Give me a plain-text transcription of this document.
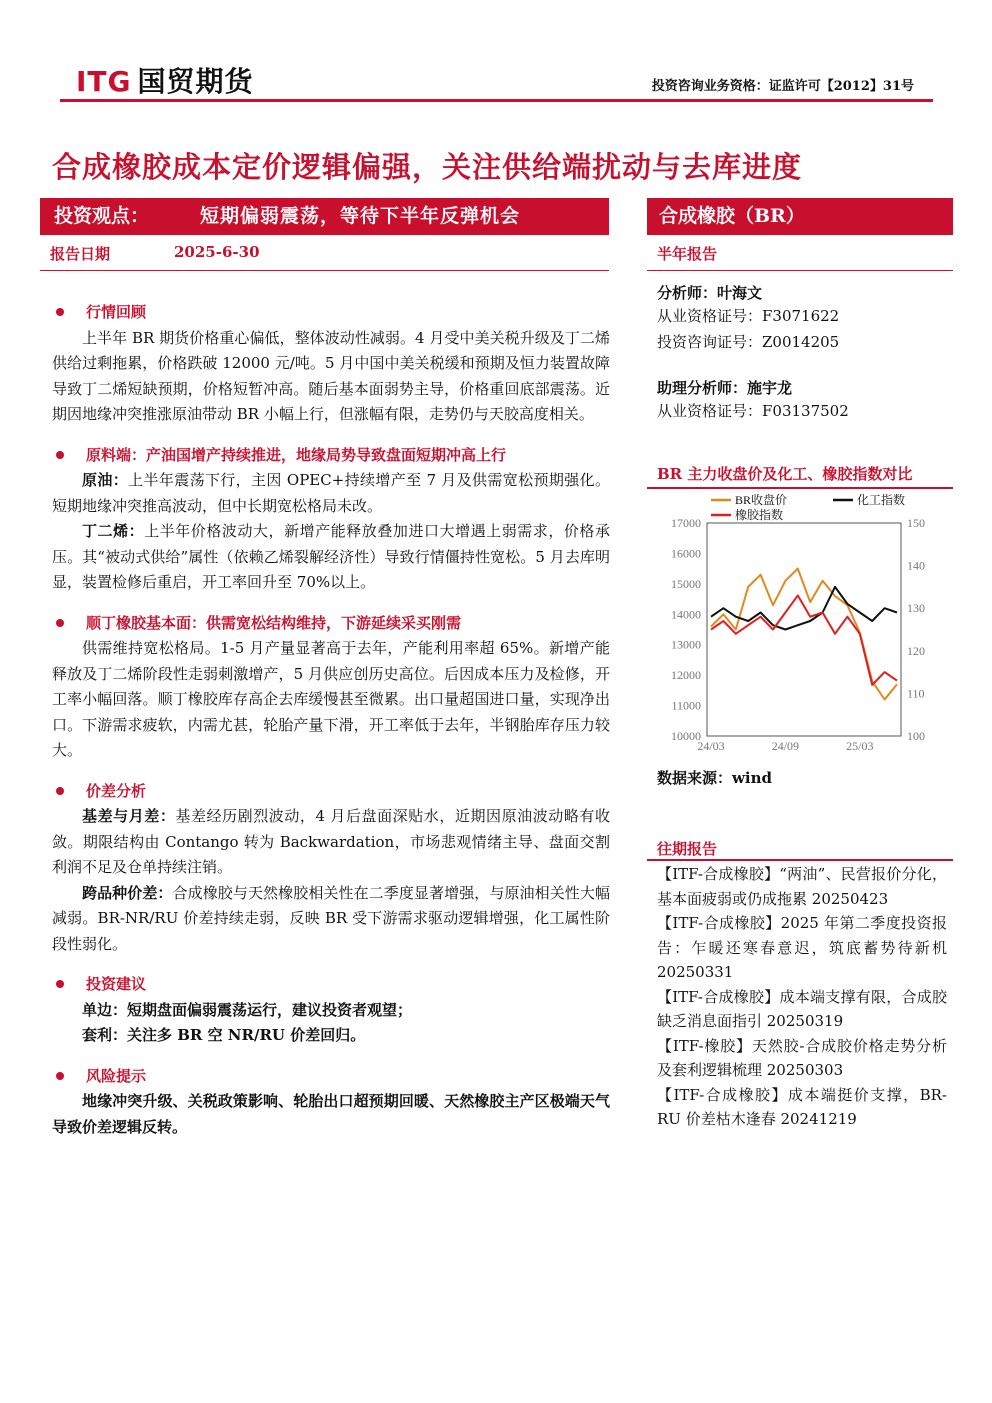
ITG 国贸期货	投资咨询业务资格：证监许可【2012】31号
合成橡胶成本定价逻辑偏强，关注供给端扰动与去库进度
投资观点：	短期偏弱震荡，等待下半年反弹机会	合成橡胶（BR）
报告日期	2025-6-30	半年报告
行情回顾

上半年 BR 期货价格重心偏低，整体波动性减弱。4 月受中美关税升级及丁二烯供给过剩拖累，价格跌破 12000 元/吨。5 月中国中美关税缓和预期及恒力装置故障导致丁二烯短缺预期，价格短暂冲高。随后基本面弱势主导，价格重回底部震荡。近期因地缘冲突推涨原油带动 BR 小幅上行，但涨幅有限，走势仍与天胶高度相关。

原料端：产油国增产持续推进，地缘局势导致盘面短期冲高上行

原油：上半年震荡下行，主因 OPEC+持续增产至 7 月及供需宽松预期强化。短期地缘冲突推高波动，但中长期宽松格局未改。

丁二烯：上半年价格波动大，新增产能释放叠加进口大增遇上弱需求，价格承压。其“被动式供给”属性（依赖乙烯裂解经济性）导致行情僵持性宽松。5 月去库明显，装置检修后重启，开工率回升至 70%以上。

顺丁橡胶基本面：供需宽松结构维持，下游延续采买刚需

供需维持宽松格局。1-5 月产量显著高于去年，产能利用率超 65%。新增产能释放及丁二烯阶段性走弱刺激增产，5 月供应创历史高位。后因成本压力及检修，开工率小幅回落。顺丁橡胶库存高企去库缓慢甚至微累。出口量超国进口量，实现净出口。下游需求疲软，内需尤甚，轮胎产量下滑，开工率低于去年，半钢胎库存压力较大。

价差分析

基差与月差：基差经历剧烈波动，4 月后盘面深贴水，近期因原油波动略有收敛。期限结构由 Contango 转为 Backwardation，市场悲观情绪主导、盘面交割利润不足及仓单持续注销。

跨品种价差：合成橡胶与天然橡胶相关性在二季度显著增强，与原油相关性大幅减弱。BR-NR/RU 价差持续走弱，反映 BR 受下游需求驱动逻辑增强，化工属性阶段性弱化。

投资建议

单边：短期盘面偏弱震荡运行，建议投资者观望；

套利：关注多 BR 空 NR/RU 价差回归。

风险提示

地缘冲突升级、关税政策影响、轮胎出口超预期回暖、天然橡胶主产区极端天气导致价差逻辑反转。

分析师：叶海文
从业资格证号：F3071622
投资咨询证号：Z0014205
助理分析师：施宇龙
从业资格证号：F03137502
BR 主力收盘价及化工、橡胶指数对比
BR收盘价	化工指数
橡胶指数
17000
16000
15000
14000
13000
12000
11000
10000
150
140
130
120
110
100
24/03	24/09	25/03
数据来源：wind
往期报告
【ITF-合成橡胶】“两油”、民营报价分化，基本面疲弱或仍成拖累 20250423
【ITF-合成橡胶】2025 年第二季度投资报告：乍暖还寒春意迟，筑底蓄势待新机 20250331
【ITF-合成橡胶】成本端支撑有限，合成胶缺乏消息面指引 20250319
【ITF-橡胶】天然胶-合成胶价格走势分析及套利逻辑梳理 20250303
【ITF-合成橡胶】成本端挺价支撑，BR-RU 价差枯木逢春 20241219
